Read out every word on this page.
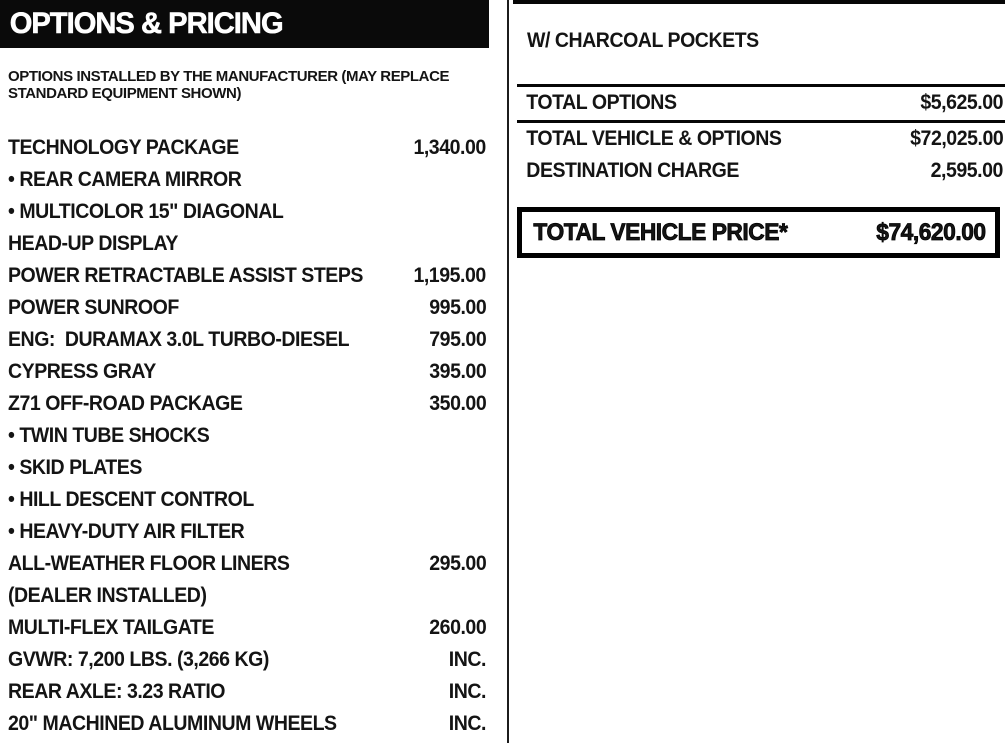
OPTIONS & PRICING
OPTIONS INSTALLED BY THE MANUFACTURER (MAY REPLACE STANDARD EQUIPMENT SHOWN)
TECHNOLOGY PACKAGE	1,340.00
• REAR CAMERA MIRROR
• MULTICOLOR 15" DIAGONAL
HEAD-UP DISPLAY
POWER RETRACTABLE ASSIST STEPS	1,195.00
POWER SUNROOF	995.00
ENG:  DURAMAX 3.0L TURBO-DIESEL	795.00
CYPRESS GRAY	395.00
Z71 OFF-ROAD PACKAGE	350.00
• TWIN TUBE SHOCKS
• SKID PLATES
• HILL DESCENT CONTROL
• HEAVY-DUTY AIR FILTER
ALL-WEATHER FLOOR LINERS	295.00
(DEALER INSTALLED)
MULTI-FLEX TAILGATE	260.00
GVWR: 7,200 LBS. (3,266 KG)	INC.
REAR AXLE: 3.23 RATIO	INC.
20" MACHINED ALUMINUM WHEELS	INC.
W/ CHARCOAL POCKETS
TOTAL OPTIONS	$5,625.00
TOTAL VEHICLE & OPTIONS	$72,025.00
DESTINATION CHARGE	2,595.00
TOTAL VEHICLE PRICE*	$74,620.00
